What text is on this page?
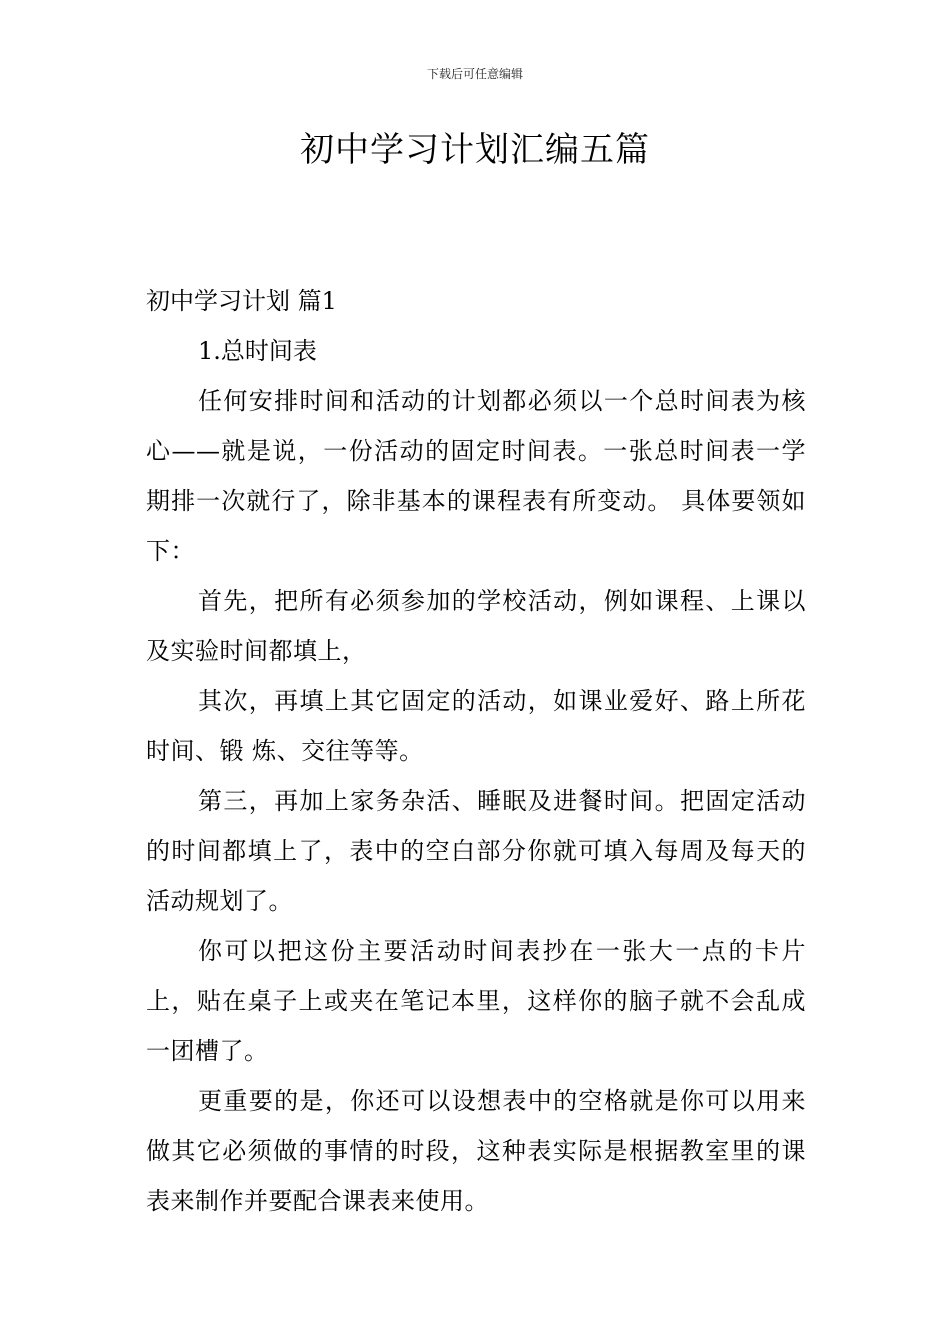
下载后可任意编辑
初中学习计划汇编五篇
初中学习计划 篇1
1.总时间表

任何安排时间和活动的计划都必须以一个总时间表为核心——就是说，一份活动的固定时间表。一张总时间表一学期排一次就行了，除非基本的课程表有所变动。 具体要领如下：

首先，把所有必须参加的学校活动，例如课程、上课以及实验时间都填上，

其次，再填上其它固定的活动，如课业爱好、路上所花时间、锻 炼、交往等等。

第三，再加上家务杂活、睡眠及进餐时间。把固定活动的时间都填上了，表中的空白部分你就可填入每周及每天的活动规划了。

你可以把这份主要活动时间表抄在一张大一点的卡片上，贴在桌子上或夹在笔记本里，这样你的脑子就不会乱成一团槽了。

更重要的是，你还可以设想表中的空格就是你可以用来做其它必须做的事情的时段，这种表实际是根据教室里的课表来制作并要配合课表来使用。
